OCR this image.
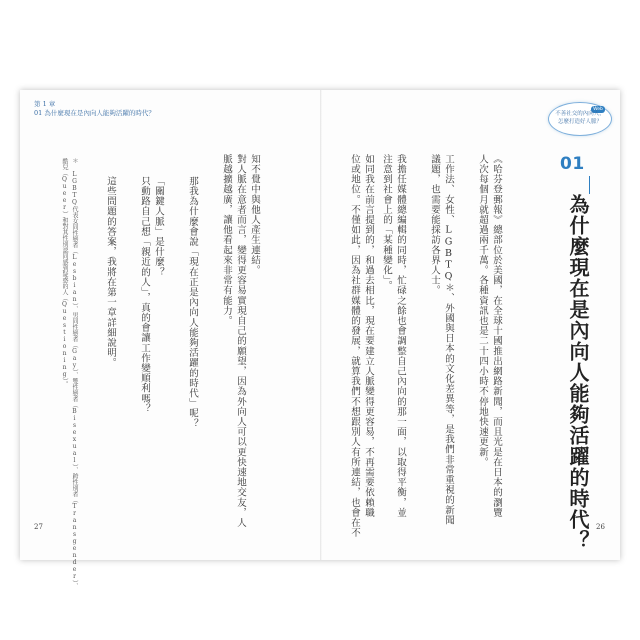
第 1 章
01 為什麼現在是內向人能夠活躍的時代？
＊ LGBTQ代表女同性戀者（Lesbian）、男同性戀者（Gay）、雙性戀者（Bisexual）、跨性別者（Transgender）、
酷兒（Queer）和對其性別認同感到疑惑的人（Questioning）。	這些問題的答案，我將在第一章詳細說明。 只動路自己想「親近的人」，真的會讓工作變順利嗎？ 「關鍵人脈」是什麼？ 那我為什麼會說「現在正是內向人能夠活躍的時代」呢？ 脈越擴越廣，讓他看起來非常有能力。 對人脈在意者而言，變得更容易實現自己的願望，因為外向人可以更快速地交友，人 知不覺中與他人產生連結。
27
Web
不善社交的內向人，
怎麼打造好人脈？
位或地位。不僅如此，因為社群媒體的發展，就算我們不想跟別人有所連結，也會在不 如同我在前言提到的，和過去相比，現在要建立人脈變得更容易，不再需要依賴職 注意到社會上的「某種變化」。 我擔任媒體總編輯的同時，忙碌之餘也會調整自己內向的那一面，以取得平衡，並 議題，也需要能採訪各界人士。 工作法、女性、LGBTQ＊、外國與日本的文化差異等，是我們非常重視的新聞 人次每個月就超過兩千萬。各種資訊也是二十四小時不停地快速更新。 《哈芬登郵報》總部位於美國，在全球十國推出網路新聞，而且光是在日本的瀏覽	01
為什麼現在是內向人能夠活躍的時代？ 26
